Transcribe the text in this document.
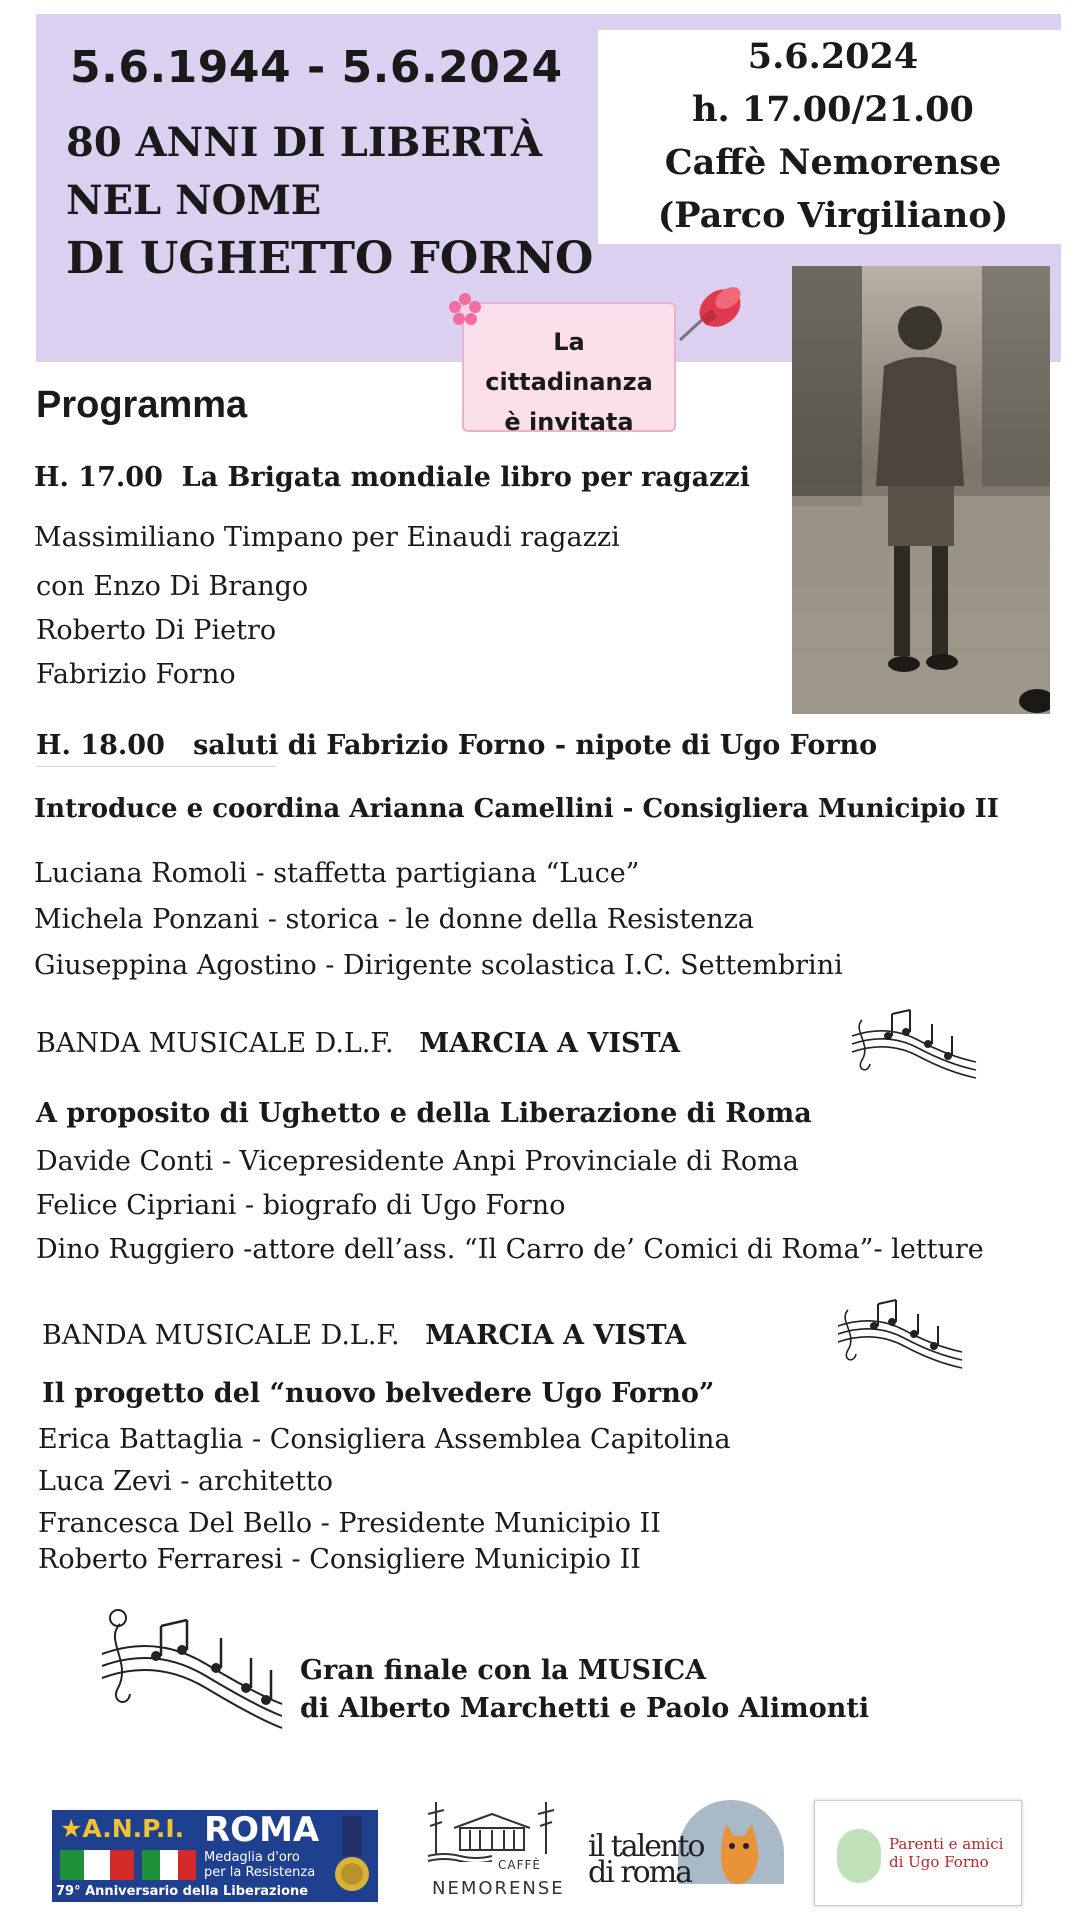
5.6.1944 - 5.6.2024
80 ANNI DI LIBERTÀ
NEL NOME
DI UGHETTO FORNO
5.6.2024
h. 17.00/21.00
Caffè Nemorense
(Parco Virgiliano)
La
cittadinanza
è invitata
Programma
H. 17.00 La Brigata mondiale libro per ragazzi
Massimiliano Timpano per Einaudi ragazzi
con Enzo Di Brango
Roberto Di Pietro
Fabrizio Forno
H. 18.00 saluti di Fabrizio Forno - nipote di Ugo Forno
Introduce e coordina Arianna Camellini - Consigliera Municipio II
Luciana Romoli - staffetta partigiana “Luce”
Michela Ponzani - storica - le donne della Resistenza
Giuseppina Agostino - Dirigente scolastica I.C. Settembrini
BANDA MUSICALE D.L.F. MARCIA A VISTA
A proposito di Ughetto e della Liberazione di Roma
Davide Conti - Vicepresidente Anpi Provinciale di Roma
Felice Cipriani - biografo di Ugo Forno
Dino Ruggiero -attore dell’ass. “Il Carro de’ Comici di Roma”- letture
BANDA MUSICALE D.L.F. MARCIA A VISTA
Il progetto del “nuovo belvedere Ugo Forno”
Erica Battaglia - Consigliera Assemblea Capitolina
Luca Zevi - architetto
Francesca Del Bello - Presidente Municipio II
Roberto Ferraresi - Consigliere Municipio II
Gran finale con la MUSICA
di Alberto Marchetti e Paolo Alimonti
★A.N.P.I. ROMA
Medaglia d'oro
per la Resistenza
79° Anniversario della Liberazione
CAFFÈ
NEMORENSE
il talento
di roma
Parenti e amici
di Ugo Forno
